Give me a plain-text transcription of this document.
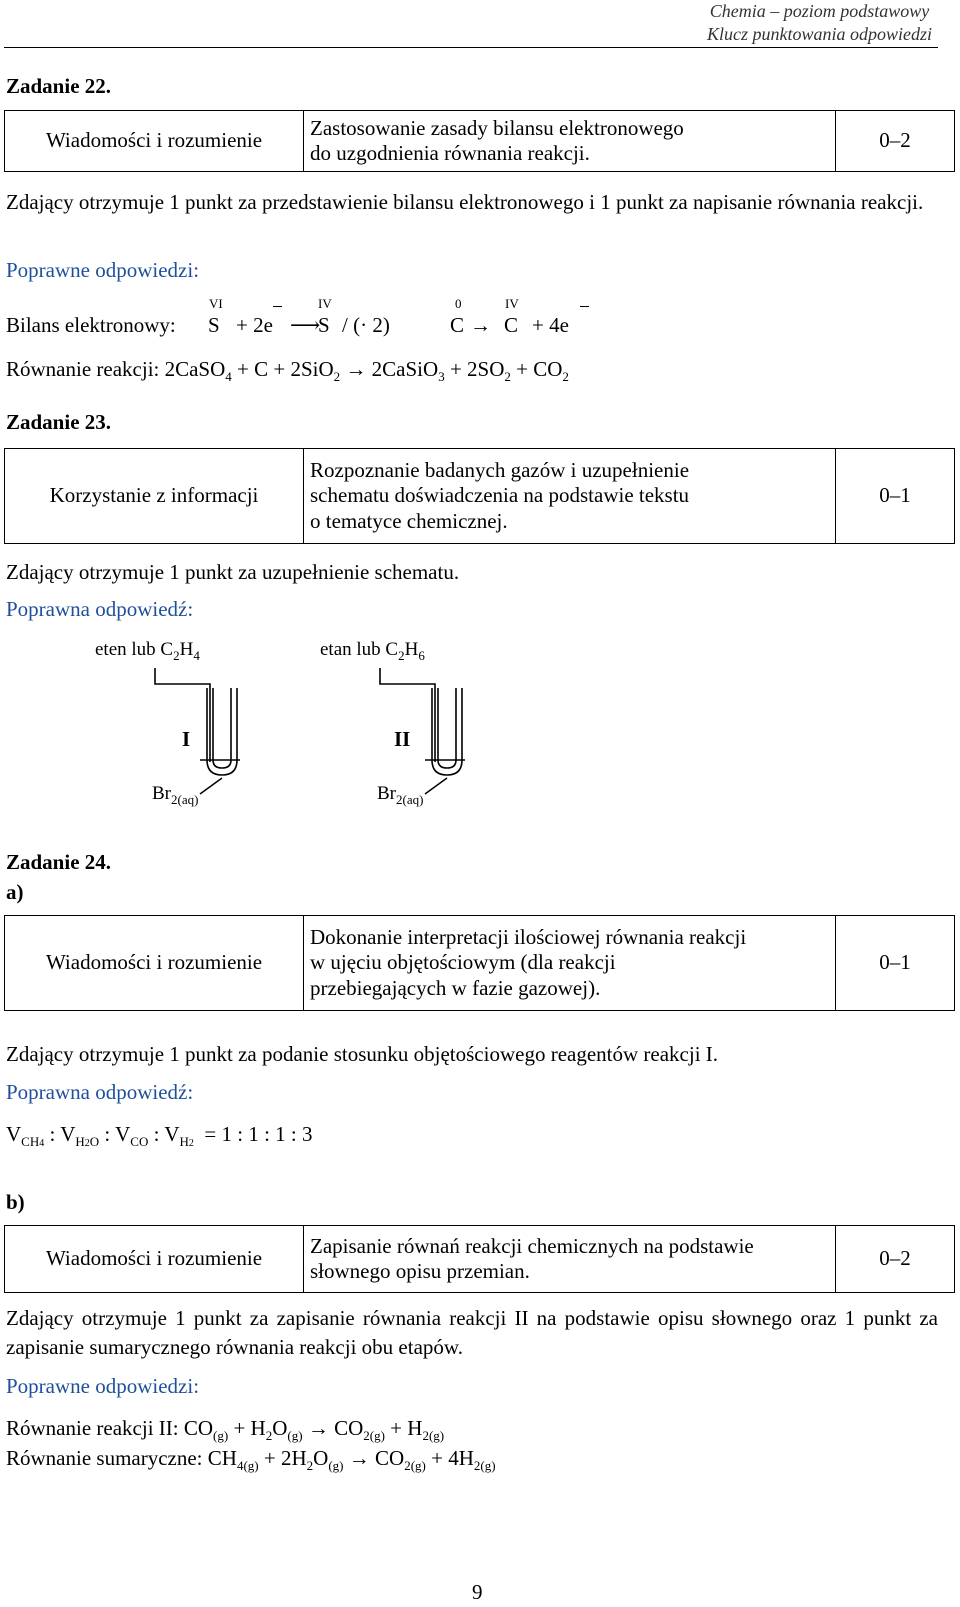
Chemia – poziom podstawowy
Klucz punktowania odpowiedzi
Zadanie 22.
Wiadomości i rozumienie	
Zastosowanie zasady bilansu elektronowego
do uzgodnienia równania reakcji.
	0–2
Zdający otrzymuje 1 punkt za przedstawienie bilansu elektronowego i 1 punkt za napisanie równania reakcji.
Poprawne odpowiedzi:
Bilans elektronowy:
VI
S + 2e ⟶
IV
S / (· 2)
0
C →
IV
C + 4e
Równanie reakcji: 2CaSO$_4$ + C + 2SiO$_2$ → 2CaSiO$_3$ + $2SO_2 + CO_2$
Zadanie 23.
Korzystanie z informacji	
Rozpoznanie badanych gazów i uzupełnienie
schematu doświadczenia na podstawie tekstu
o tematyce chemicznej.
	0–1
Zdający otrzymuje 1 punkt za uzupełnienie schematu.
Poprawna odpowiedź:
eten lub $C_2H_4$	etan lub $C_2H_6$
I	II
$Br_{2(aq)}$	$Br_{2(aq)}$
Zadanie 24.
a)
Wiadomości i rozumienie	
Dokonanie interpretacji ilościowej równania reakcji
w ujęciu objętościowym (dla reakcji
przebiegających w fazie gazowej).
	0–1
Zdający otrzymuje 1 punkt za podanie stosunku objętościowego reagentów reakcji I.
Poprawna odpowiedź:
$V_{CH4}$ : $V_{H2O}$ : $V_{CO}$ : $V_{H2} = 1$ : 1 : 1 : 3
b)
Wiadomości i rozumienie	
Zapisanie równań reakcji chemicznych na podstawie
słownego opisu przemian.
	0–2
Zdający otrzymuje 1 punkt za zapisanie równania reakcji II na podstawie opisu słownego oraz 1 punkt za zapisanie sumarycznego równania reakcji obu etapów.
Poprawne odpowiedzi:
Równanie reakcji II: $CO_{(g)} + H_2O_{(g)} \to CO_{2(g)} + H_{2(g)}$
Równanie sumaryczne: $CH_{4(g)} + 2H_2O_{(g)} \to CO_{2(g)} + 4H_{2(g)}$
9
